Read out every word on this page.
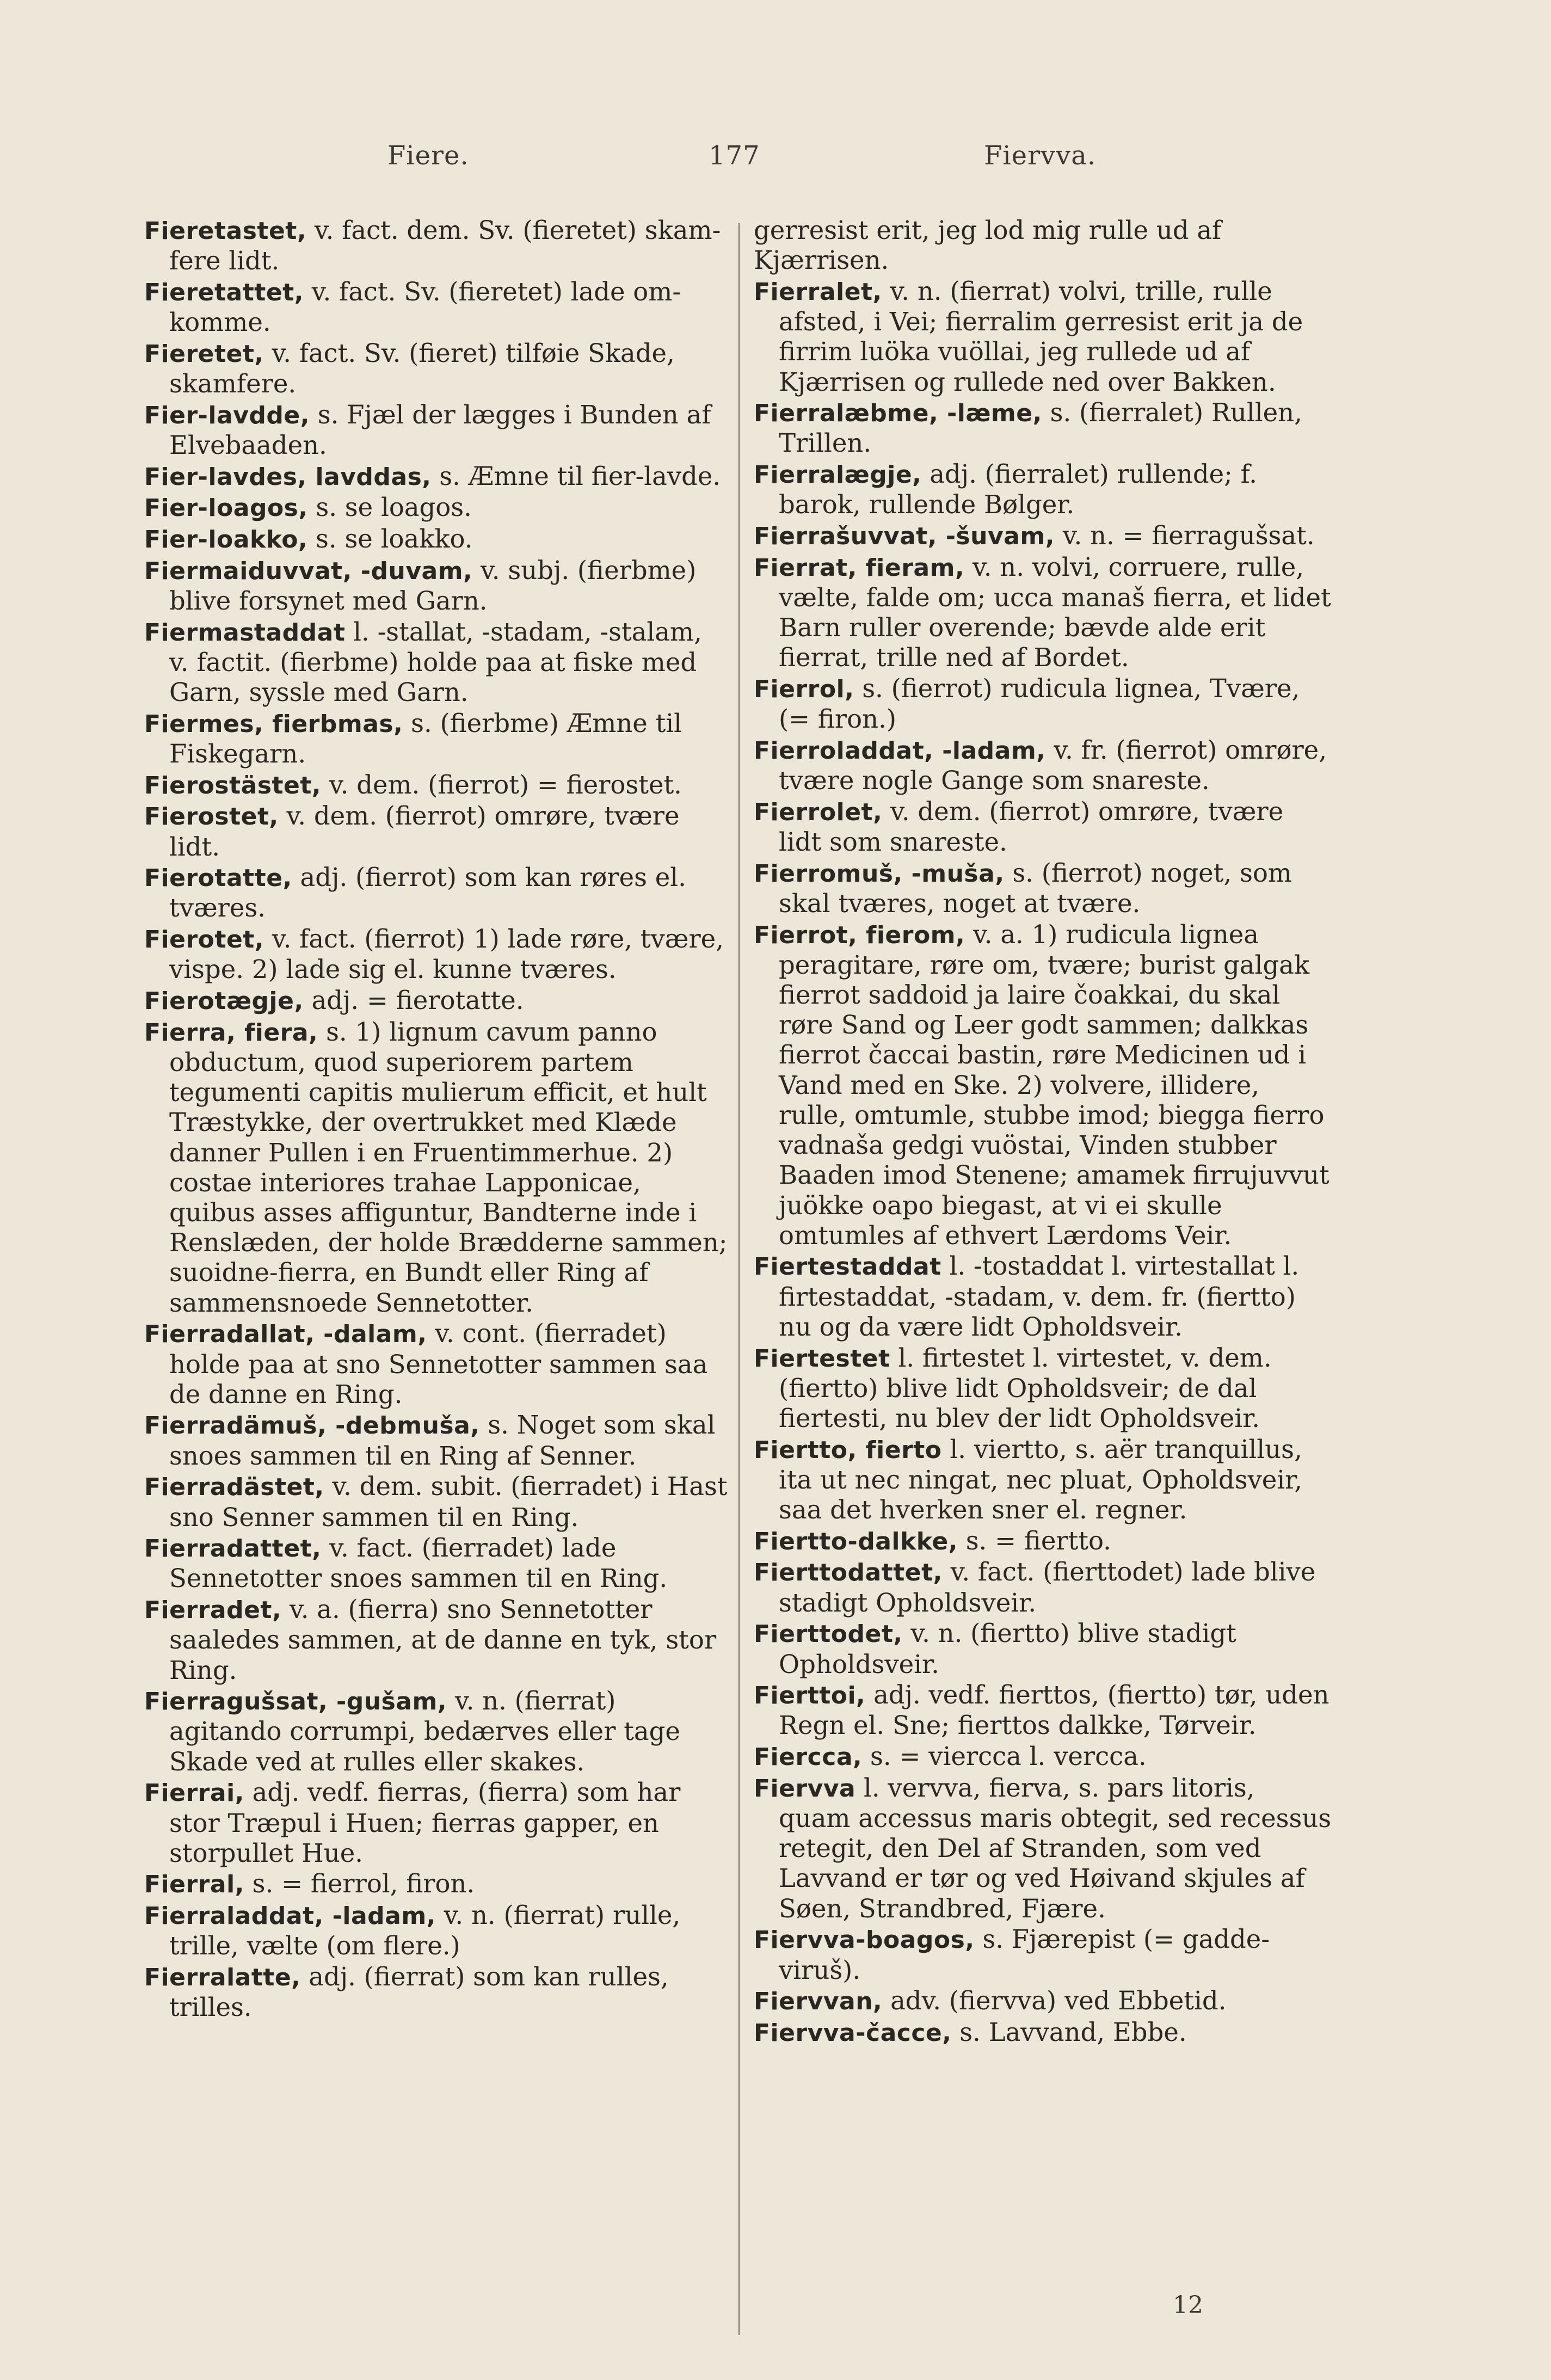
Fiere.	177	Fiervva.
Fieretastet, v. fact. dem. Sv. (fieretet) skam-fere lidt.
Fieretattet, v. fact. Sv. (fieretet) lade om-komme.
Fieretet, v. fact. Sv. (fieret) tilføie Skade, skamfere.
Fier-lavdde, s. Fjæl der lægges i Bunden af Elvebaaden.
Fier-lavdes, lavddas, s. Æmne til fier-lavde.
Fier-loagos, s. se loagos.
Fier-loakko, s. se loakko.
Fiermaiduvvat, -duvam, v. subj. (fierbme) blive forsynet med Garn.
Fiermastaddat l. -stallat, -stadam, -stalam, v. factit. (fierbme) holde paa at fiske med Garn, syssle med Garn.
Fiermes, fierbmas, s. (fierbme) Æmne til Fiskegarn.
Fierostästet, v. dem. (fierrot) = fierostet.
Fierostet, v. dem. (fierrot) omrøre, tvære lidt.
Fierotatte, adj. (fierrot) som kan røres el. tværes.
Fierotet, v. fact. (fierrot) 1) lade røre, tvære, vispe. 2) lade sig el. kunne tværes.
Fierotægje, adj. = fierotatte.
Fierra, fiera, s. 1) lignum cavum panno obductum, quod superiorem partem tegumenti capitis mulierum efficit, et hult Træstykke, der overtrukket med Klæde danner Pullen i en Fruentimmerhue. 2) costae interiores trahae Lapponicae, quibus asses affiguntur, Bandterne inde i Renslæden, der holde Brædderne sammen; suoidne-fierra, en Bundt eller Ring af sammensnoede Sennetotter.
Fierradallat, -dalam, v. cont. (fierradet) holde paa at sno Sennetotter sammen saa de danne en Ring.
Fierradämuš, -debmuša, s. Noget som skal snoes sammen til en Ring af Senner.
Fierradästet, v. dem. subit. (fierradet) i Hast sno Senner sammen til en Ring.
Fierradattet, v. fact. (fierradet) lade Sennetotter snoes sammen til en Ring.
Fierradet, v. a. (fierra) sno Sennetotter saaledes sammen, at de danne en tyk, stor Ring.
Fierragušsat, -gušam, v. n. (fierrat) agitando corrumpi, bedærves eller tage Skade ved at rulles eller skakes.
Fierrai, adj. vedf. fierras, (fierra) som har stor Træpul i Huen; fierras gapper, en storpullet Hue.
Fierral, s. = fierrol, firon.
Fierraladdat, -ladam, v. n. (fierrat) rulle, trille, vælte (om flere.)
Fierralatte, adj. (fierrat) som kan rulles, trilles.
gerresist erit, jeg lod mig rulle ud af Kjærrisen.
Fierralet, v. n. (fierrat) volvi, trille, rulle afsted, i Vei; fierralim gerresist erit ja de firrim luöka vuöllai, jeg rullede ud af Kjærrisen og rullede ned over Bakken.
Fierralæbme, -læme, s. (fierralet) Rullen, Trillen.
Fierralægje, adj. (fierralet) rullende; f. barok, rullende Bølger.
Fierrašuvvat, -šuvam, v. n. = fierragušsat.
Fierrat, fieram, v. n. volvi, corruere, rulle, vælte, falde om; ucca manaš fierra, et lidet Barn ruller overende; bævde alde erit fierrat, trille ned af Bordet.
Fierrol, s. (fierrot) rudicula lignea, Tvære, (= firon.)
Fierroladdat, -ladam, v. fr. (fierrot) omrøre, tvære nogle Gange som snareste.
Fierrolet, v. dem. (fierrot) omrøre, tvære lidt som snareste.
Fierromuš, -muša, s. (fierrot) noget, som skal tværes, noget at tvære.
Fierrot, fierom, v. a. 1) rudicula lignea peragitare, røre om, tvære; burist galgak fierrot saddoid ja laire čoakkai, du skal røre Sand og Leer godt sammen; dalkkas fierrot čaccai bastin, røre Medicinen ud i Vand med en Ske. 2) volvere, illidere, rulle, omtumle, stubbe imod; biegga fierro vadnaša gedgi vuöstai, Vinden stubber Baaden imod Stenene; amamek firrujuvvut juökke oapo biegast, at vi ei skulle omtumles af ethvert Lærdoms Veir.
Fiertestaddat l. -tostaddat l. virtestallat l. firtestaddat, -stadam, v. dem. fr. (fiertto) nu og da være lidt Opholdsveir.
Fiertestet l. firtestet l. virtestet, v. dem. (fiertto) blive lidt Opholdsveir; de dal fiertesti, nu blev der lidt Opholdsveir.
Fiertto, fierto l. viertto, s. aër tranquillus, ita ut nec ningat, nec pluat, Opholdsveir, saa det hverken sner el. regner.
Fiertto-dalkke, s. = fiertto.
Fierttodattet, v. fact. (fierttodet) lade blive stadigt Opholdsveir.
Fierttodet, v. n. (fiertto) blive stadigt Opholdsveir.
Fierttoi, adj. vedf. fierttos, (fiertto) tør, uden Regn el. Sne; fierttos dalkke, Tørveir.
Fiercca, s. = viercca l. vercca.
Fiervva l. vervva, fierva, s. pars litoris, quam accessus maris obtegit, sed recessus retegit, den Del af Stranden, som ved Lavvand er tør og ved Høivand skjules af Søen, Strandbred, Fjære.
Fiervva-boagos, s. Fjærepist (= gadde-viruš).
Fiervvan, adv. (fiervva) ved Ebbetid.
Fiervva-čacce, s. Lavvand, Ebbe.
12
